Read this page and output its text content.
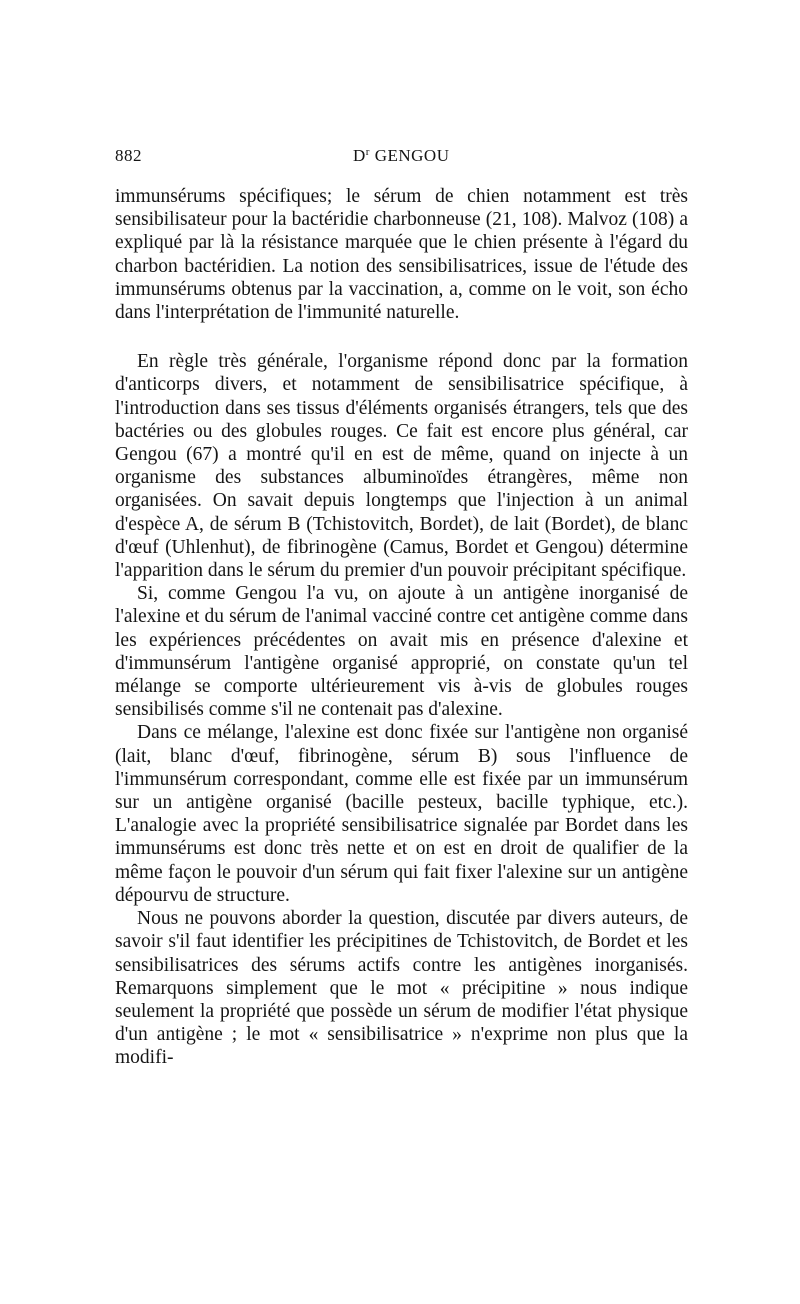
882	$D^r$ GENGOU

immunsérums spécifiques; le sérum de chien notamment est très sensibilisateur pour la bactéridie charbonneuse (21, 108). Malvoz (108) a expliqué par là la résistance marquée que le chien présente à l'égard du charbon bactéridien. La notion des sensibilisatrices, issue de l'étude des immunsérums obtenus par la vaccination, a, comme on le voit, son écho dans l'interprétation de l'immunité naturelle.

En règle très générale, l'organisme répond donc par la formation d'anticorps divers, et notamment de sensibilisatrice spécifique, à l'introduction dans ses tissus d'éléments organisés étrangers, tels que des bactéries ou des globules rouges. Ce fait est encore plus général, car Gengou (67) a montré qu'il en est de même, quand on injecte à un organisme des substances albuminoïdes étrangères, même non organisées. On savait depuis longtemps que l'injection à un animal d'espèce A, de sérum B (Tchistovitch, Bordet), de lait (Bordet), de blanc d'œuf (Uhlenhut), de fibrinogène (Camus, Bordet et Gengou) détermine l'apparition dans le sérum du premier d'un pouvoir précipitant spécifique.

Si, comme Gengou l'a vu, on ajoute à un antigène inorganisé de l'alexine et du sérum de l'animal vacciné contre cet antigène comme dans les expériences précédentes on avait mis en présence d'alexine et d'immunsérum l'antigène organisé approprié, on constate qu'un tel mélange se comporte ultérieurement vis à-vis de globules rouges sensibilisés comme s'il ne contenait pas d'alexine.

Dans ce mélange, l'alexine est donc fixée sur l'antigène non organisé (lait, blanc d'œuf, fibrinogène, sérum B) sous l'influence de l'immunsérum correspondant, comme elle est fixée par un immunsérum sur un antigène organisé (bacille pesteux, bacille typhique, etc.). L'analogie avec la propriété sensibilisatrice signalée par Bordet dans les immunsérums est donc très nette et on est en droit de qualifier de la même façon le pouvoir d'un sérum qui fait fixer l'alexine sur un antigène dépourvu de structure.

Nous ne pouvons aborder la question, discutée par divers auteurs, de savoir s'il faut identifier les précipitines de Tchistovitch, de Bordet et les sensibilisatrices des sérums actifs contre les antigènes inorganisés. Remarquons simplement que le mot « précipitine » nous indique seulement la propriété que possède un sérum de modifier l'état physique d'un antigène ; le mot « sensibilisatrice » n'exprime non plus que la modifi-
